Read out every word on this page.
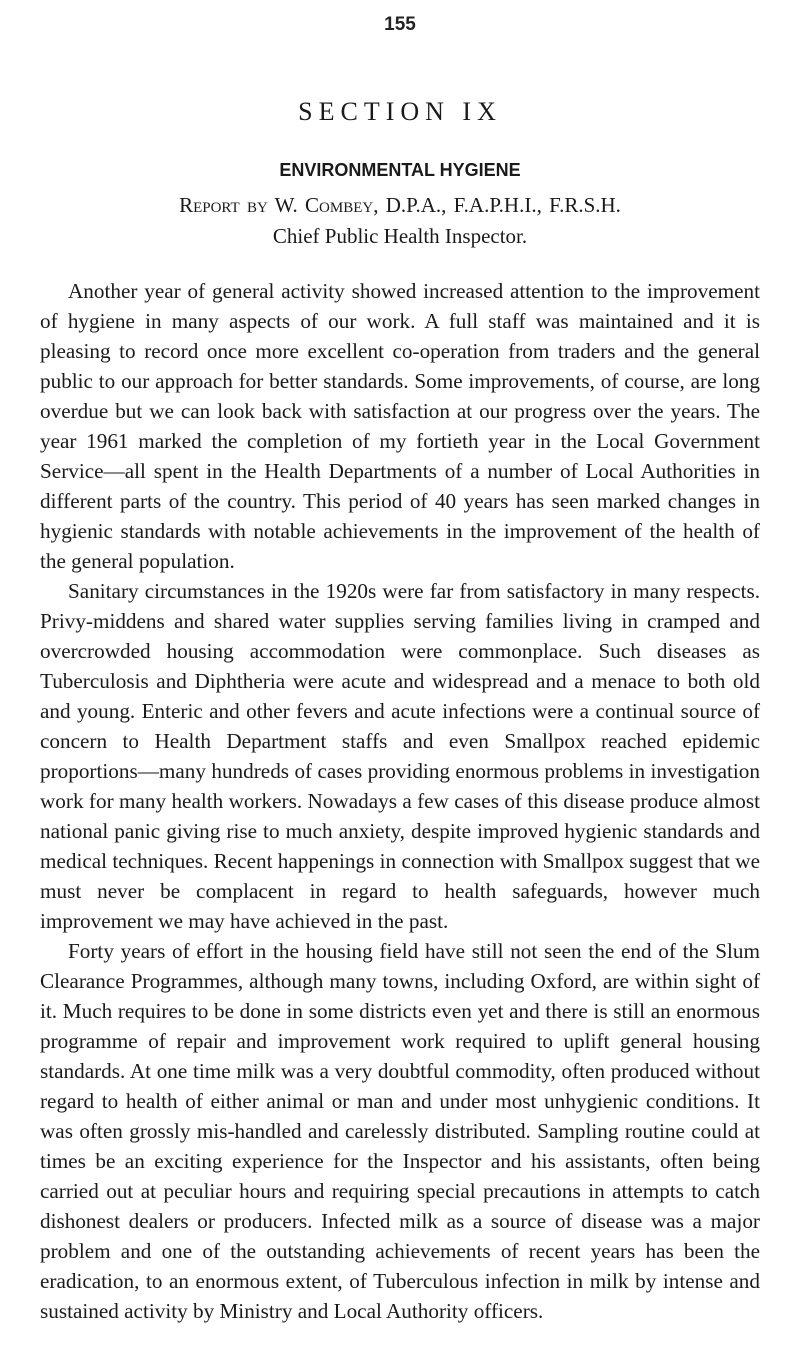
155
SECTION IX
ENVIRONMENTAL HYGIENE
Report by W. Combey, D.P.A., F.A.P.H.I., F.R.S.H.
Chief Public Health Inspector.

Another year of general activity showed increased attention to the improvement of hygiene in many aspects of our work. A full staff was maintained and it is pleasing to record once more excellent co-operation from traders and the general public to our approach for better standards. Some improvements, of course, are long overdue but we can look back with satisfaction at our progress over the years. The year 1961 marked the completion of my fortieth year in the Local Government Service—all spent in the Health Departments of a number of Local Authorities in different parts of the country. This period of 40 years has seen marked changes in hygienic standards with notable achievements in the improvement of the health of the general population.

Sanitary circumstances in the 1920s were far from satisfactory in many respects. Privy-middens and shared water supplies serving families living in cramped and overcrowded housing accommodation were commonplace. Such diseases as Tuberculosis and Diphtheria were acute and widespread and a menace to both old and young. Enteric and other fevers and acute infections were a continual source of concern to Health Department staffs and even Smallpox reached epidemic proportions—many hundreds of cases providing enormous problems in investigation work for many health workers. Nowadays a few cases of this disease produce almost national panic giving rise to much anxiety, despite improved hygienic standards and medical techniques. Recent happenings in connection with Smallpox suggest that we must never be complacent in regard to health safeguards, however much improvement we may have achieved in the past.

Forty years of effort in the housing field have still not seen the end of the Slum Clearance Programmes, although many towns, including Oxford, are within sight of it. Much requires to be done in some districts even yet and there is still an enormous programme of repair and improvement work required to uplift general housing standards. At one time milk was a very doubtful commodity, often produced without regard to health of either animal or man and under most unhygienic conditions. It was often grossly mis-handled and carelessly distributed. Sampling routine could at times be an exciting experience for the Inspector and his assistants, often being carried out at peculiar hours and requiring special precautions in attempts to catch dishonest dealers or producers. Infected milk as a source of disease was a major problem and one of the outstanding achievements of recent years has been the eradication, to an enormous extent, of Tuberculous infection in milk by intense and sustained activity by Ministry and Local Authority officers.
